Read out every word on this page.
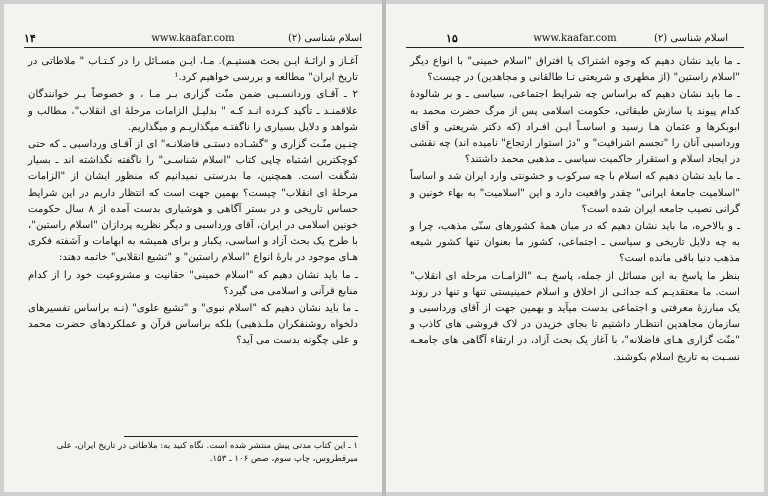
۱۴	www.kaafar.com	اسلام شناسی (۲)

آغـاز و ارائـهٔ ایـن بحث هستیـم). مـا، ایـن مسـائل را در کـتـاب " ملاطاتی در تاریخ ایران" مطالعه و بررسی خواهیم کرد.¹

۲ ـ آقـای وردانسـبی ضمن منّت گزاری بـر مـا ، و خصوصاً بـر خوانندگان علاقمنـد ـ تأکید کـرده انـد کـه " بدلیـل الزامات مرحلۀ ای انقلاب"، مطالب و شواهد و دلایل بسیاری را ناگفتـه میگذاریـم و میگذاریم.

چنـین منّـت گزاری و "گشـاده دستـی فاضلانـه" ای از آقـای ورداسبی ـ که حتی کوچکترین اشتباه چاپی کتاب "اسلام شناسـی" را ناگفته نگذاشته اند ـ بسیار شگفت است. همچنین، ما بدرستی نمیدانیم که منظور ایشان از "الزامات مرحلۀ ای انقلاب" چیست؟ بهمین جهت است که انتظار داریم در این شرایط حساس تاریخی و در بستر آگاهی و هوشیاری بدست آمده از ۸ سال حکومت خونین اسلامی در ایران، آقای ورداسبی و دیگر نظریه پردازان "اسلام راستین"، با طرح یک بحث آزاد و اساسی، یکبار و برای همیشه به ابهامات و آشفته فکری هـای موجود در بارهٔ انواع "اسلام راستین" و "تشیع انقلابی" خاتمه دهند:

ـ ما باید نشان دهیم که "اسلام خمینی" حقانیت و مشروعیت خود را از کدام منابع قرآنی و اسلامی می گیرد؟

ـ ما باید نشان دهیم که "اسلام نبوی" و "تشیع علوی" (نـه براساس تفسیرهای دلخواه روشنفکران ملـذهبی) بلکه براساس قرآن و عملکردهای حضرت محمد و علی چگونه بدست می آید؟

۱ ـ این کتاب مدتی پیش منتشر شده است. نگاه کنید به: ملاطاتی در تاریخ ایران، علی میرفطروس، چاپ سوم، صص ۱۰۶ ـ ۱۵۳.
۱۵	www.kaafar.com	اسلام شناسی (۲)

ـ ما باید نشان دهیم که وجوه اشتراک یا افتراق "اسلام خمینی" با انواع دیگر "اسلام راستین" (از مطهری و شریعتی تـا طالقانی و مجاهدین) در چیست؟

ـ ما باید نشان دهیم که براساس چه شرایط اجتماعی، سیاسی ـ و بر شالودهٔ کدام پیوند یا سازش طبقاتی، حکومت اسلامی پس از مرگ حضرت محمد به ابوبکرها و عثمان هـا رسید و اساسـاً ایـن افـراد (که دکتر شریعتی و آقای ورداسبی آنان را "تجسم اشرافیت" و "دژ استوار ارتجاع" نامیده اند) چه نقشی در ایجاد اسلام و استقرار حاکمیت سیاسی ـ مذهبی محمد داشتند؟

ـ ما باید نشان دهیم که اسلام با چه سرکوب و خشونتی وارد ایران شد و اساساً "اسلامیت جامعهٔ ایرانی" چقدر واقعیت دارد و این "اسلامیت" به بهاء خونین و گرانی نصیب جامعه ایران شده است؟

ـ و بالاخره، ما باید نشان دهیم که در میان همهٔ کشورهای سنّی مذهب، چرا و به چه دلایل تاریخی و سیاسی ـ اجتماعی، کشور ما بعنوان تنها کشور شیعه مذهب دنیا باقی مانده است؟

بنظر ما پاسخ به این مسائل از جمله، پاسخ بـه "الزامـات مرحله ای انقلاب" است. ما معتقدیـم کـه جدائـی از اخلاق و اسلام خمینیستی تنها و تنها در روند یک مبارزهٔ معرفتی و اجتماعی بدست میآید و بهمین جهت از آقای ورداسبی و سازمان مجاهدین انتظـار داشتیم تا بجای خزیدن در لاک فروشی های کاذب و "منّت گزاری هـای فاضلانه"، با آغاز یک بحث آزاد، در ارتقاء آگاهی های جامعـه نسـبت به تاریخ اسلام بکوشند.
